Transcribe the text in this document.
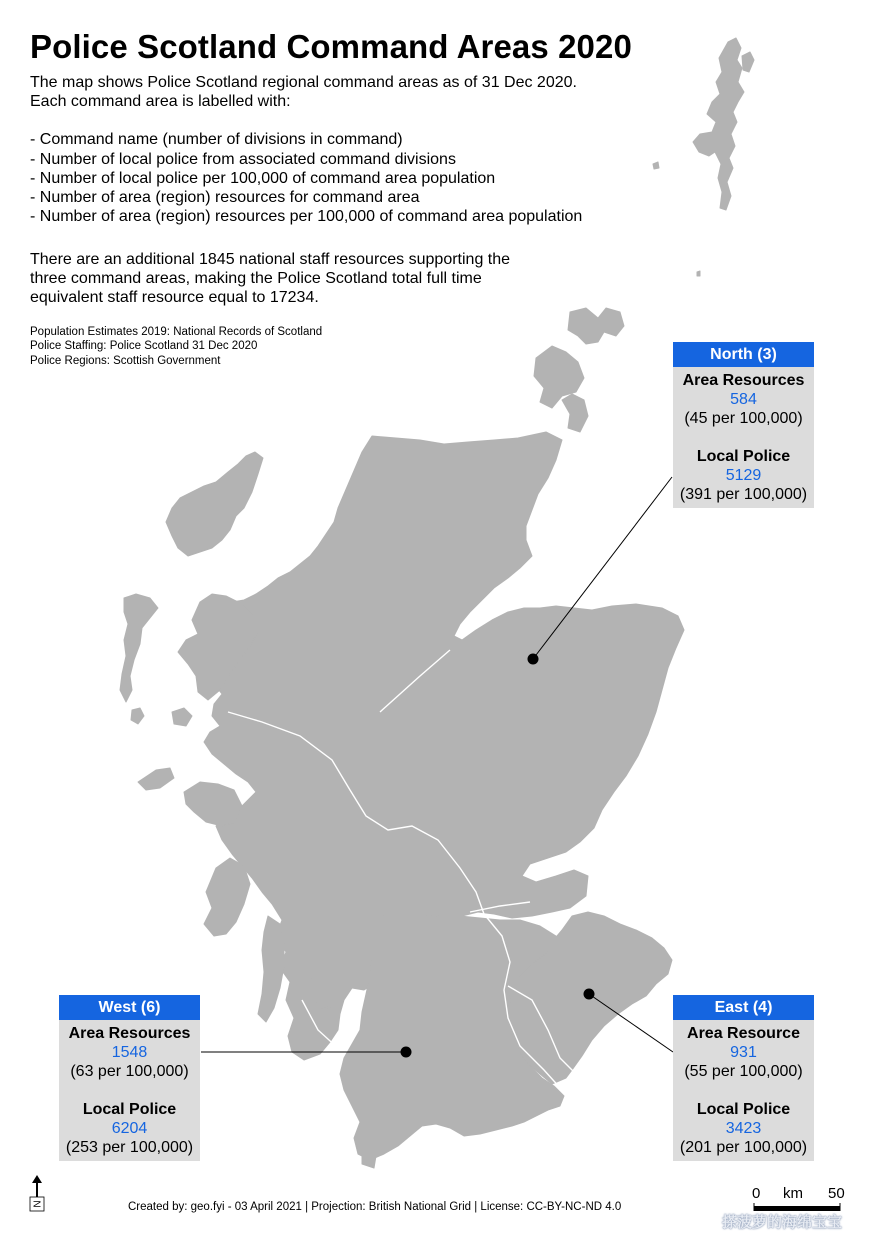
Police Scotland Command Areas 2020
The map shows Police Scotland regional command areas as of 31 Dec 2020.
Each command area is labelled with:
- Command name (number of divisions in command)
- Number of local police from associated command divisions
- Number of local police per 100,000 of command area population
- Number of area (region) resources for command area
- Number of area (region) resources per 100,000 of command area population
There are an additional 1845 national staff resources supporting the
three command areas, making the Police Scotland total full time
equivalent staff resource equal to 17234.
Population Estimates 2019: National Records of Scotland
Police Staffing: Police Scotland 31 Dec 2020
Police Regions: Scottish Government
N
North (3)
Area Resources
584
(45 per 100,000)
Local Police
5129
(391 per 100,000)
West (6)
Area Resources
1548
(63 per 100,000)
Local Police
6204
(253 per 100,000)
East (4)
Area Resource
931
(55 per 100,000)
Local Police
3423
(201 per 100,000)
Created by: geo.fyi - 03 April 2021 | Projection: British National Grid | License: CC-BY-NC-ND 4.0
0 km 50
搽菠萝的海绵宝宝
